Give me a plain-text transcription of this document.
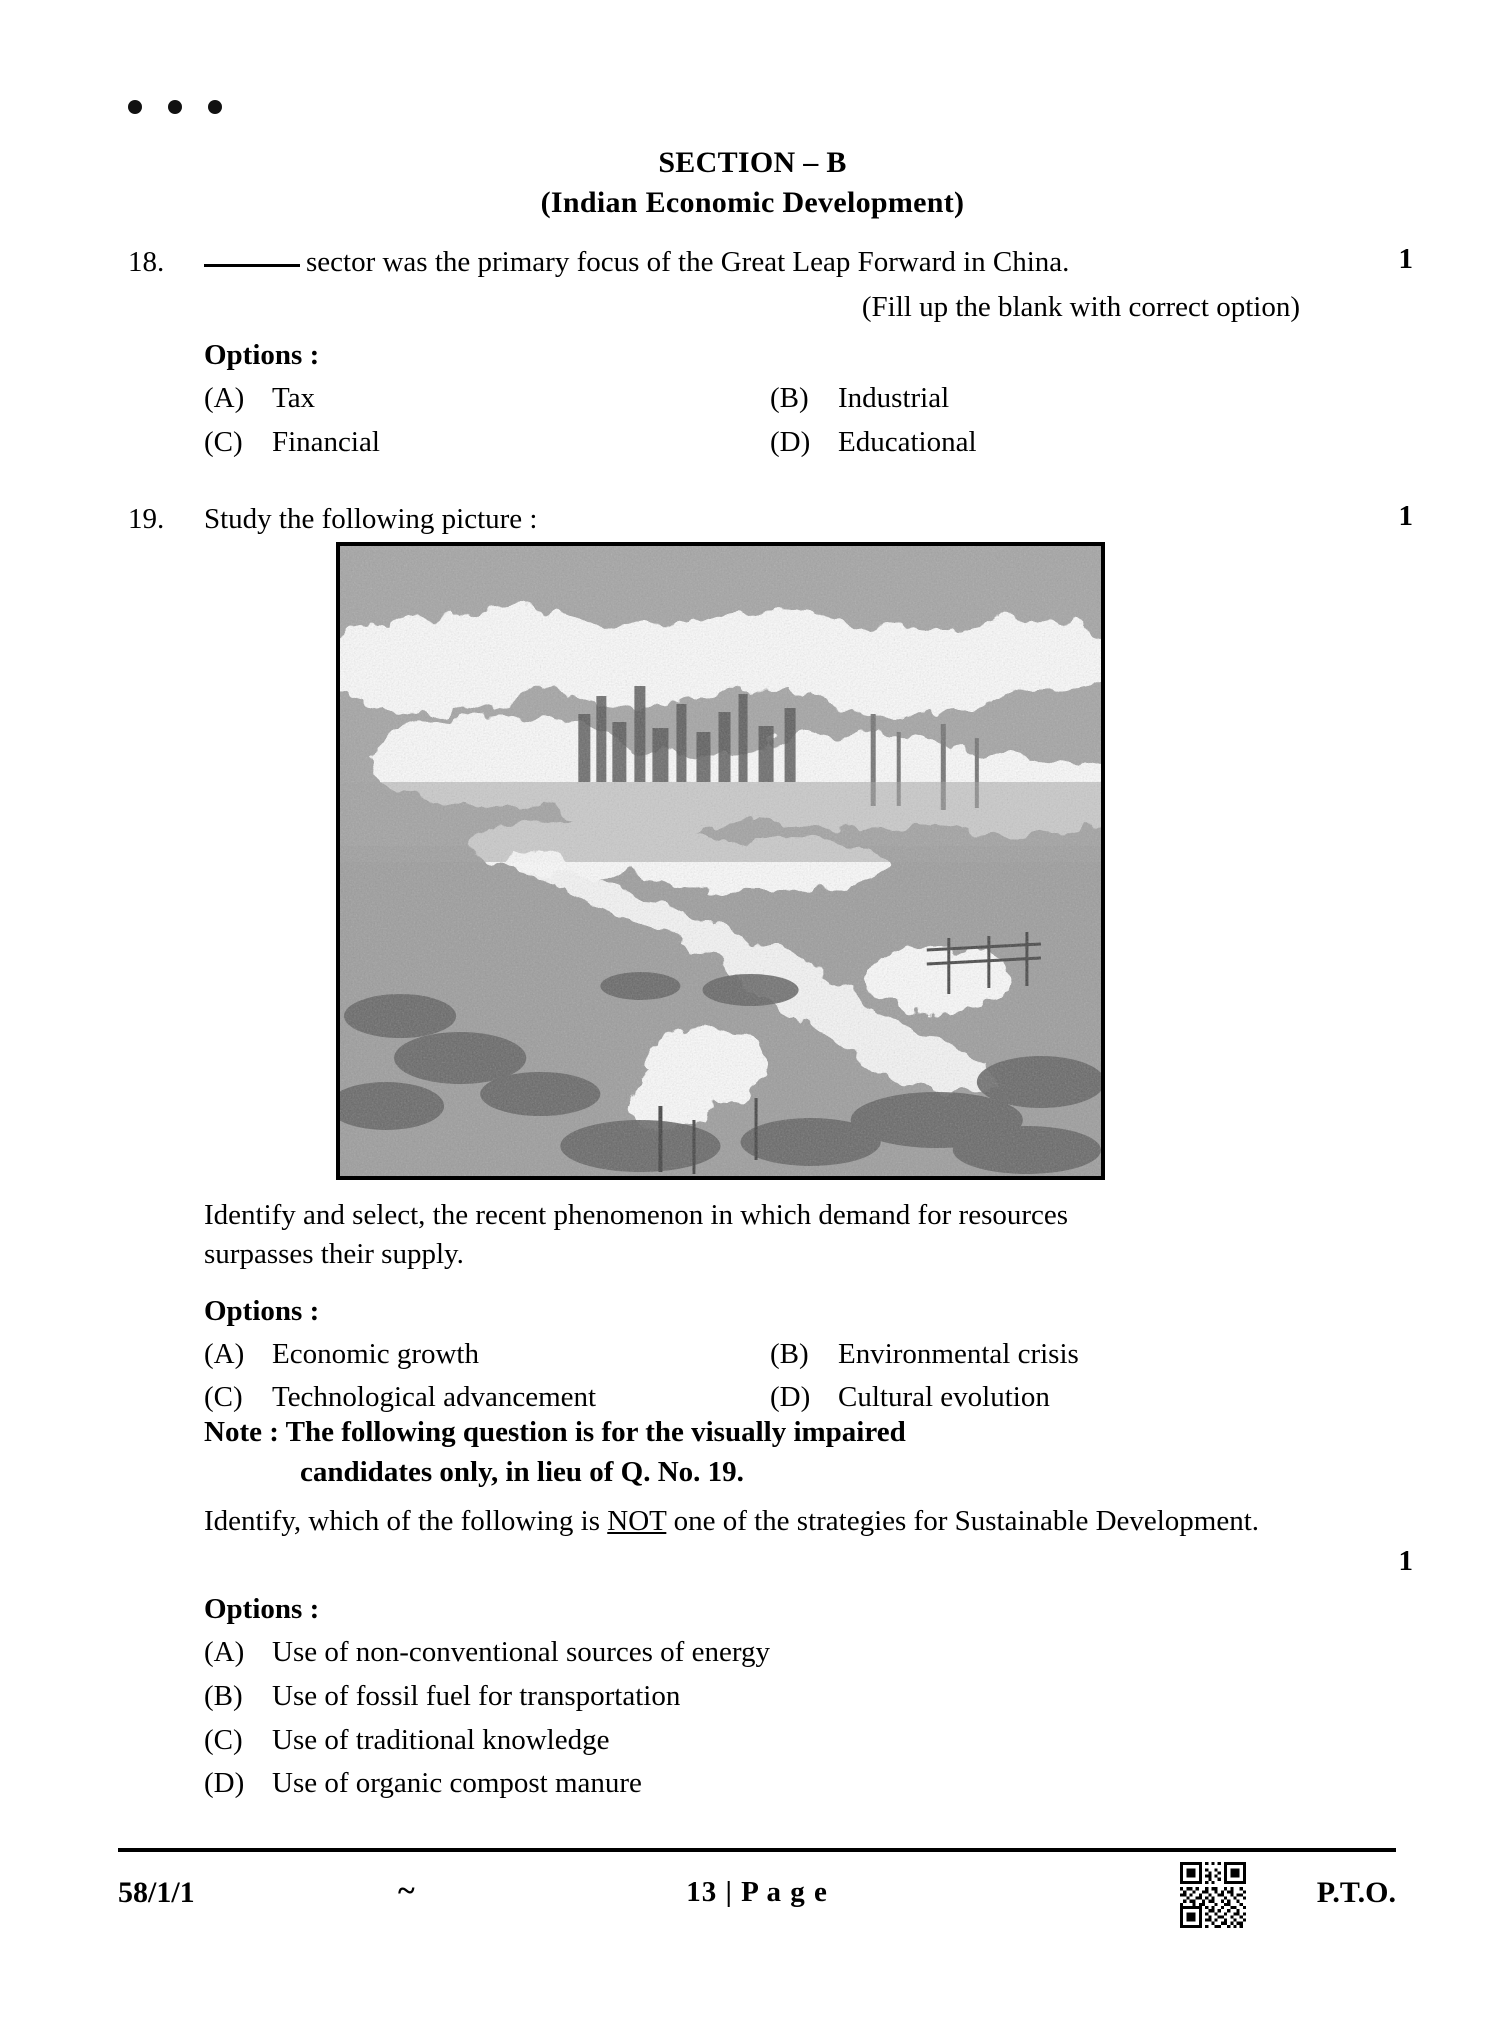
SECTION – B
(Indian Economic Development)
18.	sector was the primary focus of the Great Leap Forward in China.
(Fill up the blank with correct option)
1
Options :
(A) Tax	(B)	Industrial
(C)	Financial	(D) Educational
19. Study the following picture :	1
Identify and select, the recent phenomenon in which demand for resources
surpasses their supply.
Options :
(A) Economic growth	(B)	Environmental crisis
(C)	Technological advancement	(D) Cultural evolution
Note : The following question is for the visually impaired
candidates only, in lieu of Q. No. 19.
Identify, which of the following is NOT one of the strategies for Sustainable Development.
1
Options :
(A) Use of non-conventional sources of energy
(B)	Use of fossil fuel for transportation
(C)	Use of traditional knowledge
(D) Use of organic compost manure
58/1/1	~	13 | P a g e	P.T.O.
